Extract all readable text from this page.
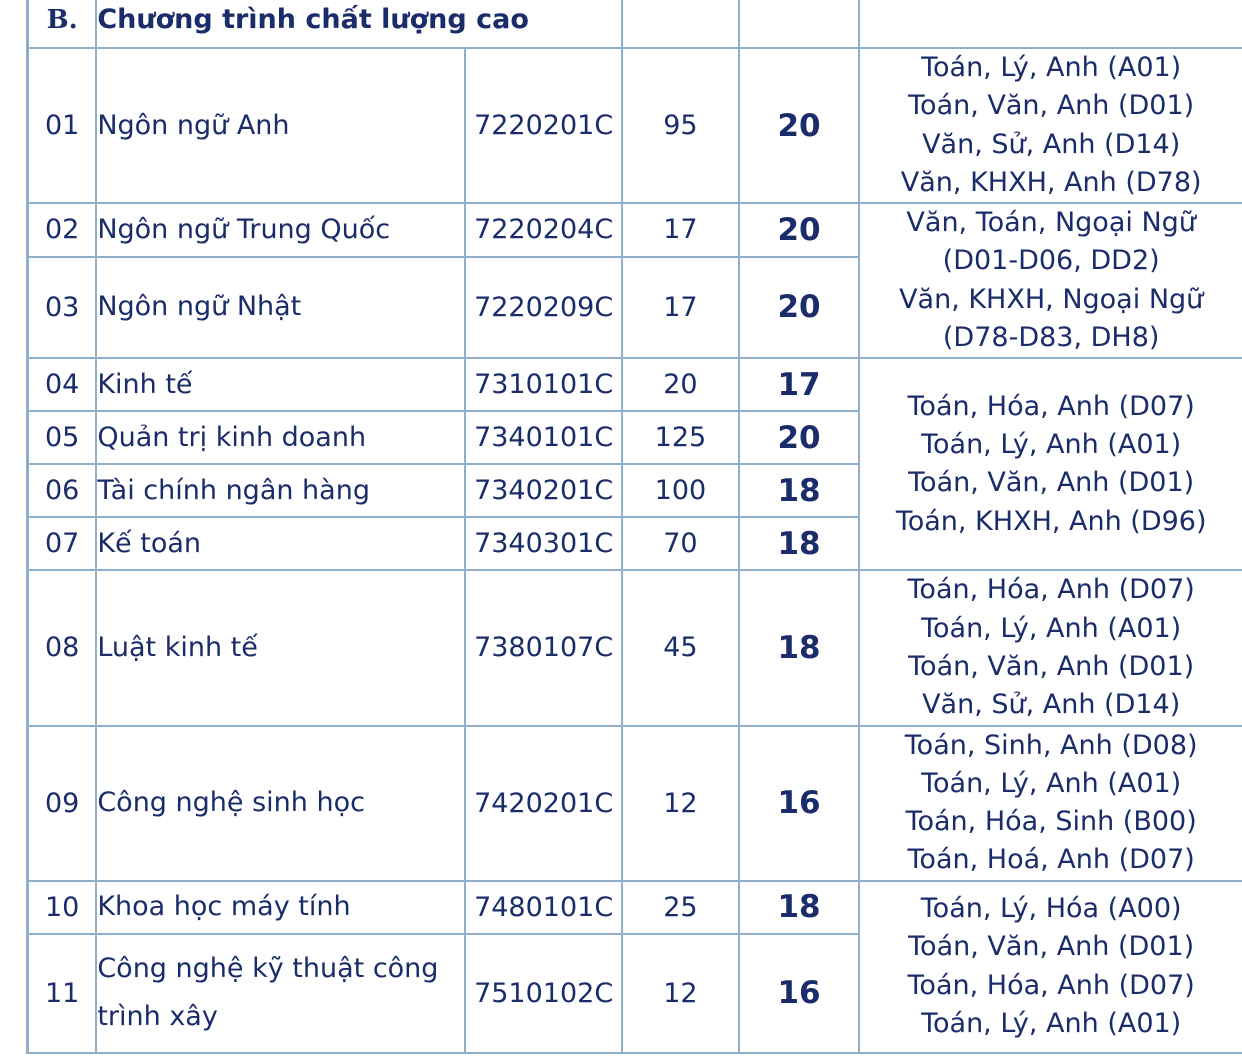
B.	Chương trình chất lượng cao				
01	Ngôn ngữ Anh	7220201C	95	20	Toán, Lý, Anh (A01)
Toán, Văn, Anh (D01)
Văn, Sử, Anh (D14)
Văn, KHXH, Anh (D78)

02	Ngôn ngữ Trung Quốc	7220204C	17	20	Văn, Toán, Ngoại Ngữ
(D01-D06, DD2)
Văn, KHXH, Ngoại Ngữ
(D78-D83, DH8)

03	Ngôn ngữ Nhật	7220209C	17	20	
04	Kinh tế	7310101C	20	17	Toán, Hóa, Anh (D07)
Toán, Lý, Anh (A01)
Toán, Văn, Anh (D01)
Toán, KHXH, Anh (D96)

05	Quản trị kinh doanh	7340101C	125	20	
06	Tài chính ngân hàng	7340201C	100	18	
07	Kế toán	7340301C	70	18	
08	Luật kinh tế	7380107C	45	18	Toán, Hóa, Anh (D07)
Toán, Lý, Anh (A01)
Toán, Văn, Anh (D01)
Văn, Sử, Anh (D14)

09	Công nghệ sinh học	7420201C	12	16	Toán, Sinh, Anh (D08)
Toán, Lý, Anh (A01)
Toán, Hóa, Sinh (B00)
Toán, Hoá, Anh (D07)

10	Khoa học máy tính	7480101C	25	18	Toán, Lý, Hóa (A00)
Toán, Văn, Anh (D01)
Toán, Hóa, Anh (D07)
Toán, Lý, Anh (A01)

11	Công nghệ kỹ thuật công
trình xây	7510102C	12	16	
